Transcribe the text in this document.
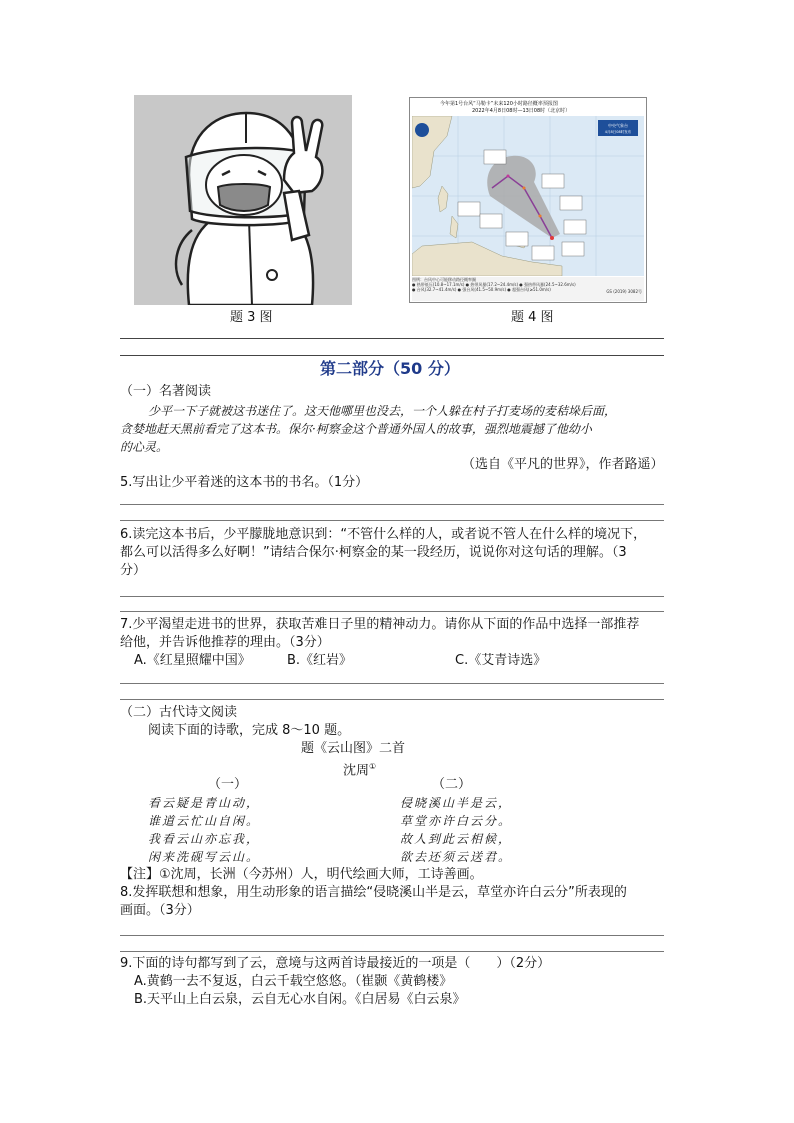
题 3 图
今年第1号台风“马勒卡”未来120小时路径概率预报图
2022年4月8日08时—13日08时（北京时）
中央气象台
4月8日08时发布
图例：台风中心可能移动路径概率圈
● 热带低压(10.8~17.1m/s) ● 热带风暴(17.2~24.4m/s) ● 强热带风暴(24.5~32.6m/s)
● 台风(32.7~41.4m/s) ● 强台风(41.5~50.9m/s) ● 超强台风(≥51.0m/s)	GS (2019) 3082号
题 4 图
第二部分（50 分）
（一）名著阅读
少平一下子就被这书迷住了。这天他哪里也没去，一个人躲在村子打麦场的麦秸垛后面，
贪婪地赶天黑前看完了这本书。保尔·柯察金这个普通外国人的故事，强烈地震撼了他幼小
的心灵。
（选自《平凡的世界》，作者路遥）
5.写出让少平着迷的这本书的书名。（1分）
6.读完这本书后，少平朦胧地意识到：“不管什么样的人，或者说不管人在什么样的境况下，
都么可以活得多么好啊！”请结合保尔·柯察金的某一段经历，说说你对这句话的理解。（3
分）
7.少平渴望走进书的世界，获取苦难日子里的精神动力。请你从下面的作品中选择一部推荐
给他，并告诉他推荐的理由。（3分）
A.《红星照耀中国》	B.《红岩》	C.《艾青诗选》
（二）古代诗文阅读
阅读下面的诗歌，完成 8～10 题。
题《云山图》二首
沈周①
（一）	（二）
看云疑是青山动，
谁道云忙山自闲。
我看云山亦忘我，
闲来洗砚写云山。
侵晓溪山半是云，
草堂亦许白云分。
故人到此云相候，
欲去还须云送君。
【注】①沈周，长洲（今苏州）人，明代绘画大师，工诗善画。
8.发挥联想和想象，用生动形象的语言描绘“侵晓溪山半是云，草堂亦许白云分”所表现的
画面。（3分）
9.下面的诗句都写到了云，意境与这两首诗最接近的一项是（　　）（2分）
A.黄鹤一去不复返，白云千载空悠悠。（崔颢《黄鹤楼》
B.天平山上白云泉，云自无心水自闲。《白居易《白云泉》
